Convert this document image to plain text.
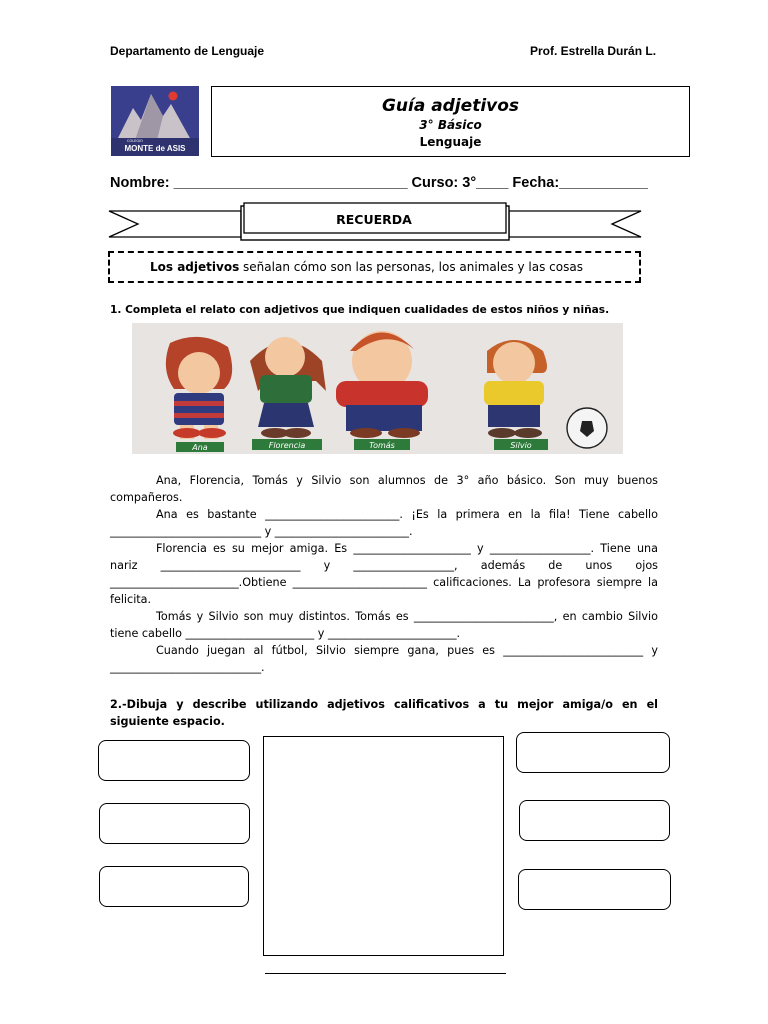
Departamento de Lenguaje	Prof. Estrella Durán L.
COLEGIO
MONTE de ASIS
Guía adjetivos
3° Básico
Lenguaje
Nombre: _____________________________ Curso: 3°____ Fecha:___________
RECUERDA
Los adjetivos señalan cómo son las personas, los animales y las cosas
1. Completa el relato con adjetivos que indiquen cualidades de estos niños y niñas.
Ana	Florencia	Tomás	Silvio

Ana, Florencia, Tomás y Silvio son alumnos de 3° año básico. Son muy buenos compañeros.

Ana es bastante ________________________. ¡Es la primera en la fila! Tiene cabello ___________________________ y ________________________.

Florencia es su mejor amiga. Es _____________________ y __________________. Tiene una nariz _________________________ y __________________, además de unos ojos _______________________.Obtiene ________________________ calificaciones. La profesora siempre la felicita.

Tomás y Silvio son muy distintos. Tomás es _________________________, en cambio Silvio tiene cabello _______________________ y _______________________.

Cuando juegan al fútbol, Silvio siempre gana, pues es _________________________ y ___________________________.

2.-Dibuja y describe utilizando adjetivos calificativos a tu mejor amiga/o en el siguiente espacio.
